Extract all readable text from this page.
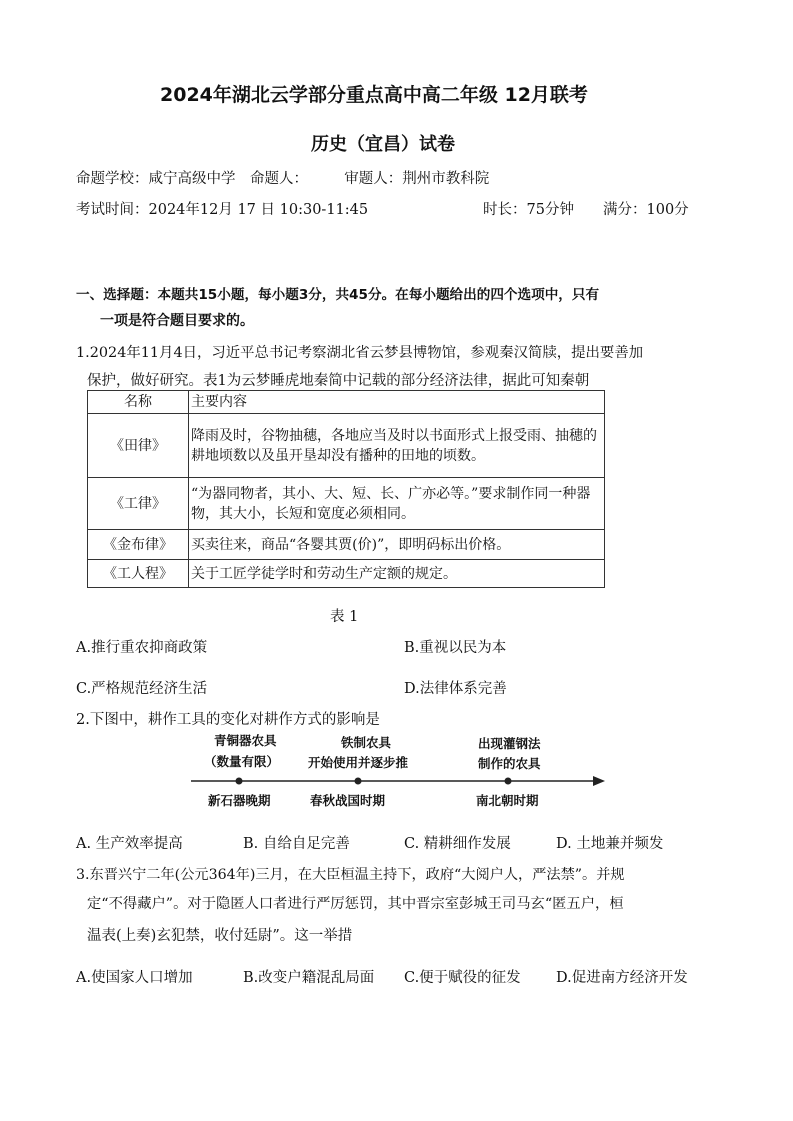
2024年湖北云学部分重点高中高二年级 12月联考
历史（宜昌）试卷
命题学校：咸宁高级中学　命题人：　　　审题人：荆州市教科院
考试时间：2024年12月 17 日 10:30-11:45	时长：75分钟 满分：100分
一、选择题：本题共15小题，每小题3分，共45分。在每小题给出的四个选项中，只有
一项是符合题目要求的。
1.2024年11月4日，习近平总书记考察湖北省云梦县博物馆，参观秦汉简牍，提出要善加
保护，做好研究。表1为云梦睡虎地秦简中记载的部分经济法律，据此可知秦朝
名称	主要内容
《田律》	降雨及时，谷物抽穗，各地应当及时以书面形式上报受雨、抽穗的耕地顷数以及虽开垦却没有播种的田地的顷数。
《工律》	“为器同物者，其小、大、短、长、广亦必等。”要求制作同一种器物，其大小，长短和宽度必须相同。
《金布律》	买卖往来，商品“各婴其贾(价)”，即明码标出价格。
《工人程》	关于工匠学徒学时和劳动生产定额的规定。
表 1
A.推行重农抑商政策	B.重视以民为本
C.严格规范经济生活	D.法律体系完善
2.下图中，耕作工具的变化对耕作方式的影响是
青铜器农具
（数量有限）
铁制农具
开始使用并逐步推
出现灌钢法
制作的农具
新石器晚期	春秋战国时期	南北朝时期
A. 生产效率提高	B. 自给自足完善	C. 精耕细作发展	D. 土地兼并频发
3.东晋兴宁二年(公元364年)三月，在大臣桓温主持下，政府“大阅户人，严法禁”。并规
定“不得藏户”。对于隐匿人口者进行严厉惩罚，其中晋宗室彭城王司马玄“匿五户，桓
温表(上奏)玄犯禁，收付廷尉”。这一举措
A.使国家人口增加	B.改变户籍混乱局面 C.便于赋役的征发 D.促进南方经济开发
